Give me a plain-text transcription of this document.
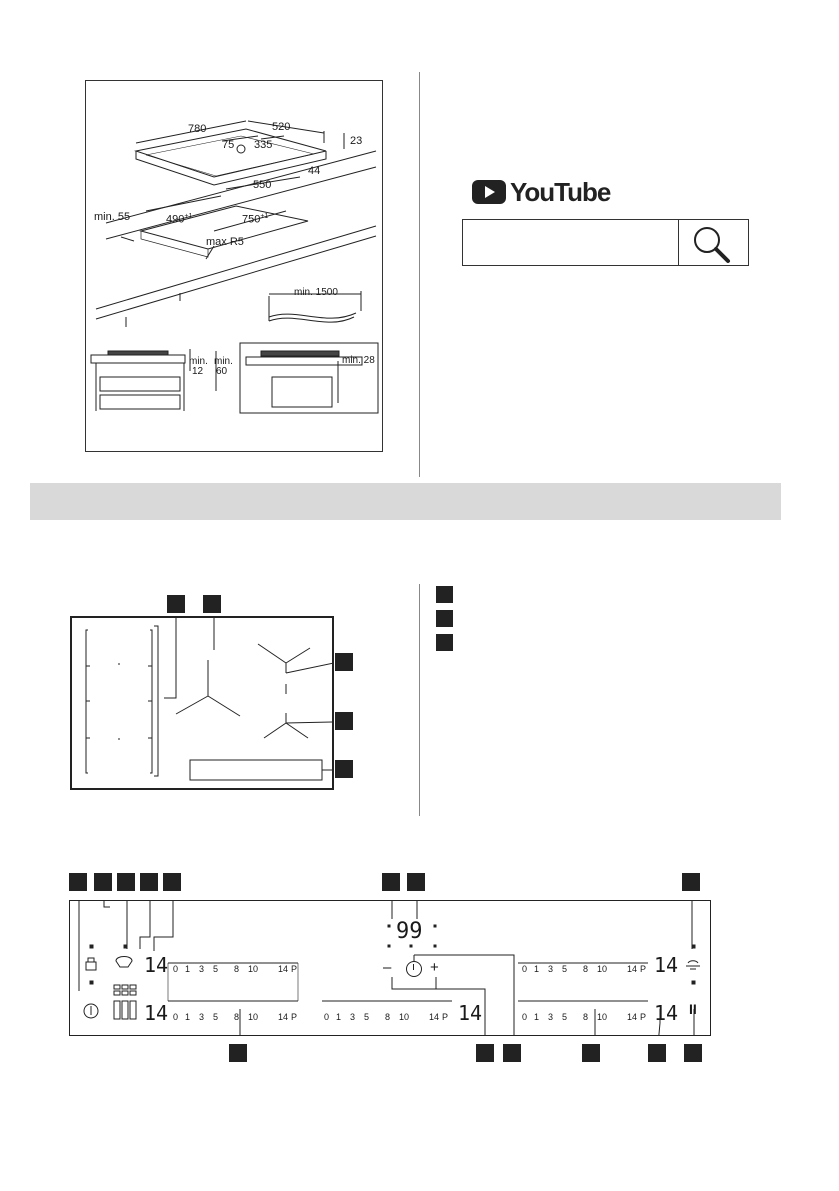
780	520
75 335	23
44
550
min. 55	$490^{+1}$	$750^{+1}$
max R5
min. 1500
min.
12
min.
60
min. 28
YouTube
14
14	14
14
14
99
–	+
II
0 1 3 5 8 10 14 P
0 1 3 5 8 10 14 P	0 1 3 5 8 10 14 P
0 1 3 5 8 10 14 P
0 1 3 5 8 10 14 P
